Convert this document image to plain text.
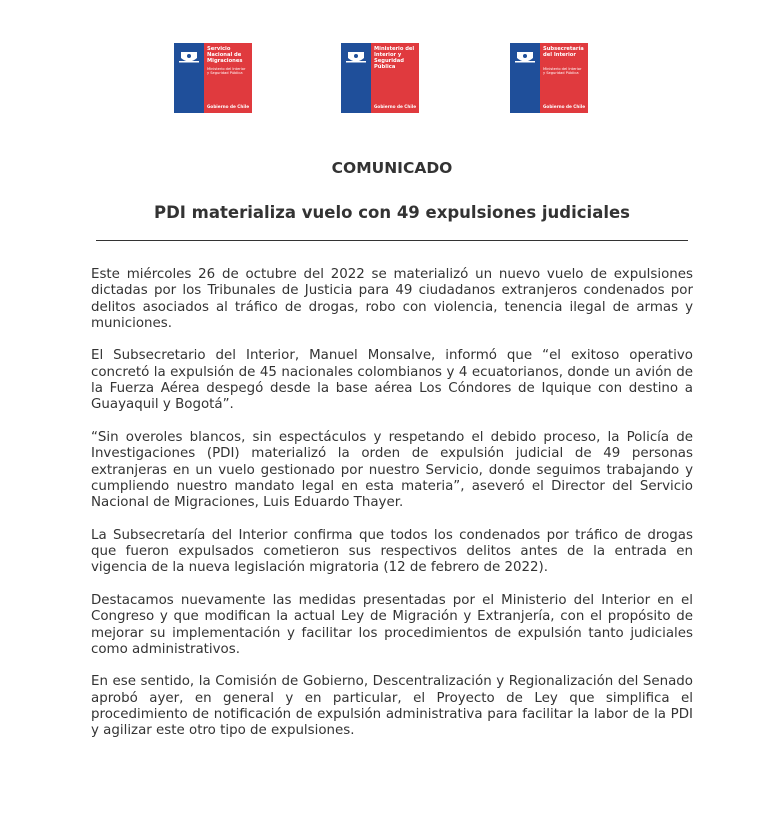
Servicio
Nacional de
Migraciones
Ministerio del Interior
y Seguridad Pública
Gobierno de Chile
Ministerio del
Interior y
Seguridad
Pública
Gobierno de Chile
Subsecretaría
del Interior
Ministerio del Interior
y Seguridad Pública
Gobierno de Chile
COMUNICADO
PDI materializa vuelo con 49 expulsiones judiciales

Este miércoles 26 de octubre del 2022 se materializó un nuevo vuelo de expulsiones dictadas por los Tribunales de Justicia para 49 ciudadanos extranjeros condenados por delitos asociados al tráfico de drogas, robo con violencia, tenencia ilegal de armas y municiones.

El Subsecretario del Interior, Manuel Monsalve, informó que “el exitoso operativo concretó la expulsión de 45 nacionales colombianos y 4 ecuatorianos, donde un avión de la Fuerza Aérea despegó desde la base aérea Los Cóndores de Iquique con destino a Guayaquil y Bogotá”.

“Sin overoles blancos, sin espectáculos y respetando el debido proceso, la Policía de Investigaciones (PDI) materializó la orden de expulsión judicial de 49 personas extranjeras en un vuelo gestionado por nuestro Servicio, donde seguimos trabajando y cumpliendo nuestro mandato legal en esta materia”, aseveró el Director del Servicio Nacional de Migraciones, Luis Eduardo Thayer.

La Subsecretaría del Interior confirma que todos los condenados por tráfico de drogas que fueron expulsados cometieron sus respectivos delitos antes de la entrada en vigencia de la nueva legislación migratoria (12 de febrero de 2022).

Destacamos nuevamente las medidas presentadas por el Ministerio del Interior en el Congreso y que modifican la actual Ley de Migración y Extranjería, con el propósito de mejorar su implementación y facilitar los procedimientos de expulsión tanto judiciales como administrativos.

En ese sentido, la Comisión de Gobierno, Descentralización y Regionalización del Senado aprobó ayer, en general y en particular, el Proyecto de Ley que simplifica el procedimiento de notificación de expulsión administrativa para facilitar la labor de la PDI y agilizar este otro tipo de expulsiones.
